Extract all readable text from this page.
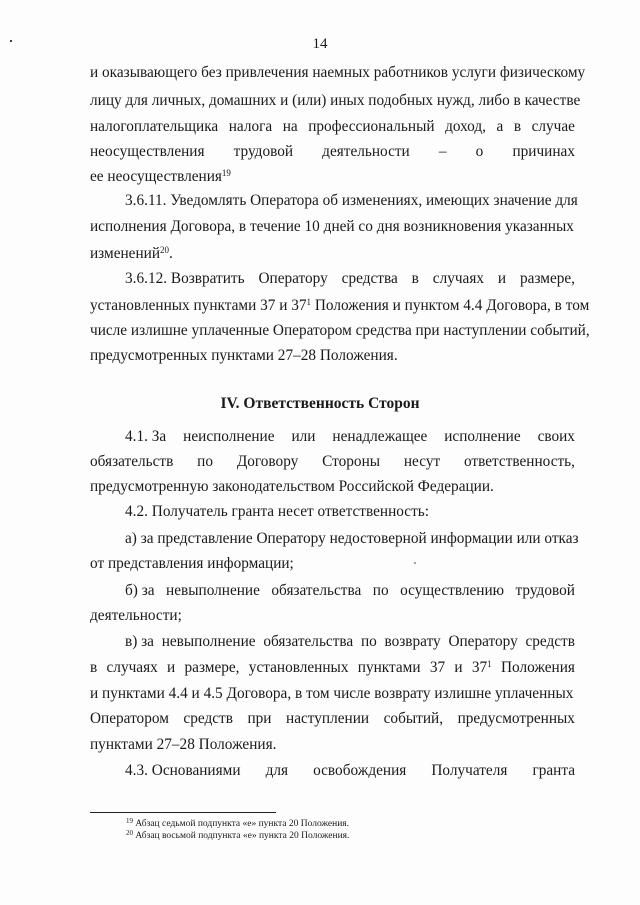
14
и оказывающего без привлечения наемных работников услуги физическому
лицу для личных, домашних и (или) иных подобных нужд, либо в качестве
налогоплательщика налога на профессиональный доход, а в случае
неосуществления трудовой деятельности – о причинах
ее неосуществления$^{19}$
3.6.11. Уведомлять Оператора об изменениях, имеющих значение для
исполнения Договора, в течение 10 дней со дня возникновения указанных
изменений$^{20}$.
3.6.12. Возвратить Оператору средства в случаях и размере,
установленных пунктами 37 и $37^1$ Положения и пунктом 4.4 Договора, в том
числе излишне уплаченные Оператором средства при наступлении событий,
предусмотренных пунктами 27–28 Положения.
IV. Ответственность Сторон
4.1. За неисполнение или ненадлежащее исполнение своих
обязательств по Договору Стороны несут ответственность,
предусмотренную законодательством Российской Федерации.
4.2. Получатель гранта несет ответственность:
а) за представление Оператору недостоверной информации или отказ
от представления информации;
б) за невыполнение обязательства по осуществлению трудовой
деятельности;
в) за невыполнение обязательства по возврату Оператору средств
в случаях и размере, установленных пунктами 37 и $37^1$ Положения
и пунктами 4.4 и 4.5 Договора, в том числе возврату излишне уплаченных
Оператором средств при наступлении событий, предусмотренных
пунктами 27–28 Положения.
4.3. Основаниями для освобождения Получателя гранта
$^{19}$ Абзац седьмой подпункта «е» пункта 20 Положения.
$^{20}$ Абзац восьмой подпункта «е» пункта 20 Положения.
